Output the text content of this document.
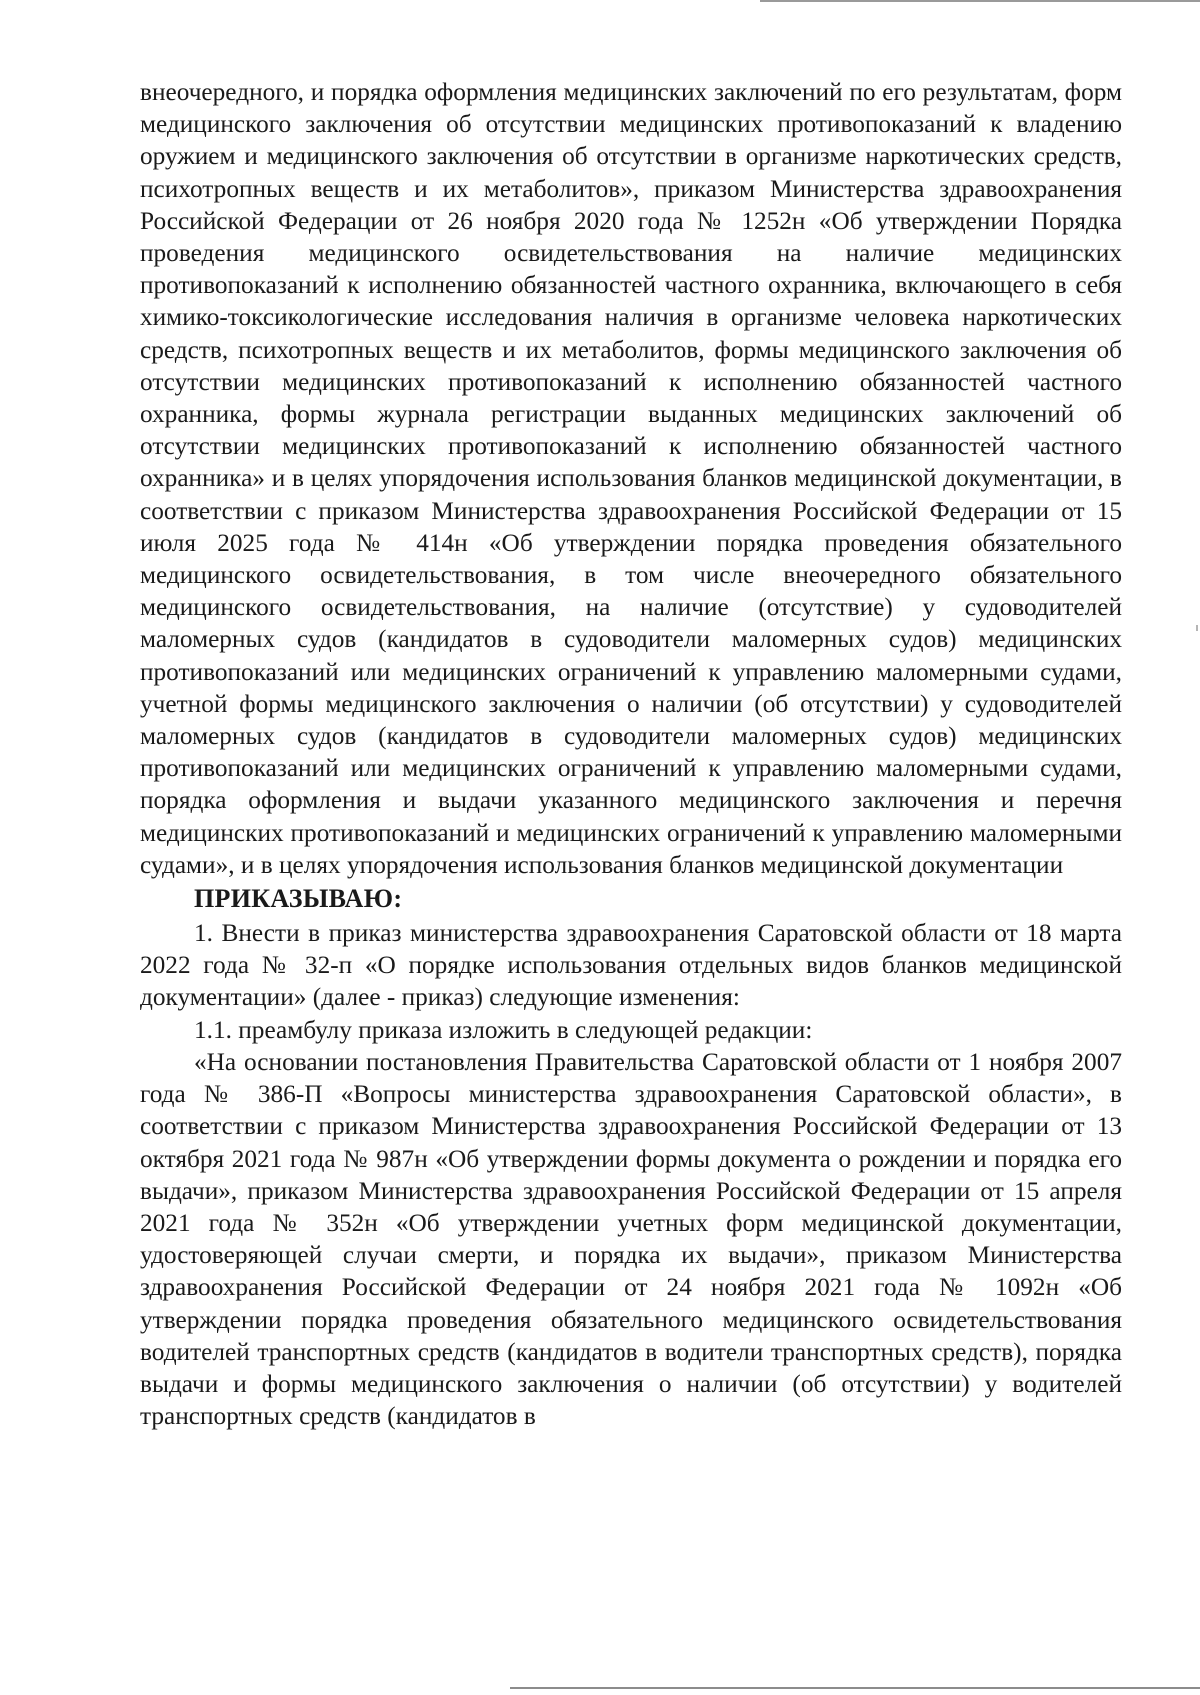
внеочередного, и порядка оформления медицинских заключений по его результатам, форм медицинского заключения об отсутствии медицинских противопоказаний к владению оружием и медицинского заключения об отсутствии в организме наркотических средств, психотропных веществ и их метаболитов», приказом Министерства здравоохранения Российской Федерации от 26 ноября 2020 года № 1252н «Об утверждении Порядка проведения медицинского освидетельствования на наличие медицинских противопоказаний к исполнению обязанностей частного охранника, включающего в себя химико-токсикологические исследования наличия в организме человека наркотических средств, психотропных веществ и их метаболитов, формы медицинского заключения об отсутствии медицинских противопоказаний к исполнению обязанностей частного охранника, формы журнала регистрации выданных медицинских заключений об отсутствии медицинских противопоказаний к исполнению обязанностей частного охранника» и в целях упорядочения использования бланков медицинской документации, в соответствии с приказом Министерства здравоохранения Российской Федерации от 15 июля 2025 года № 414н «Об утверждении порядка проведения обязательного медицинского освидетельствования, в том числе внеочередного обязательного медицинского освидетельствования, на наличие (отсутствие) у судоводителей маломерных судов (кандидатов в судоводители маломерных судов) медицинских противопоказаний или медицинских ограничений к управлению маломерными судами, учетной формы медицинского заключения о наличии (об отсутствии) у судоводителей маломерных судов (кандидатов в судоводители маломерных судов) медицинских противопоказаний или медицинских ограничений к управлению маломерными судами, порядка оформления и выдачи указанного медицинского заключения и перечня медицинских противопоказаний и медицинских ограничений к управлению маломерными судами», и в целях упорядочения использования бланков медицинской документации

ПРИКАЗЫВАЮ:

1. Внести в приказ министерства здравоохранения Саратовской области от 18 марта 2022 года № 32-п «О порядке использования отдельных видов бланков медицинской документации» (далее - приказ) следующие изменения:

1.1. преамбулу приказа изложить в следующей редакции:

«На основании постановления Правительства Саратовской области от 1 ноября 2007 года № 386-П «Вопросы министерства здравоохранения Саратовской области», в соответствии с приказом Министерства здравоохранения Российской Федерации от 13 октября 2021 года № 987н «Об утверждении формы документа о рождении и порядка его выдачи», приказом Министерства здравоохранения Российской Федерации от 15 апреля 2021 года № 352н «Об утверждении учетных форм медицинской документации, удостоверяющей случаи смерти, и порядка их выдачи», приказом Министерства здравоохранения Российской Федерации от 24 ноября 2021 года № 1092н «Об утверждении порядка проведения обязательного медицинского освидетельствования водителей транспортных средств (кандидатов в водители транспортных средств), порядка выдачи и формы медицинского заключения о наличии (об отсутствии) у водителей транспортных средств (кандидатов в
